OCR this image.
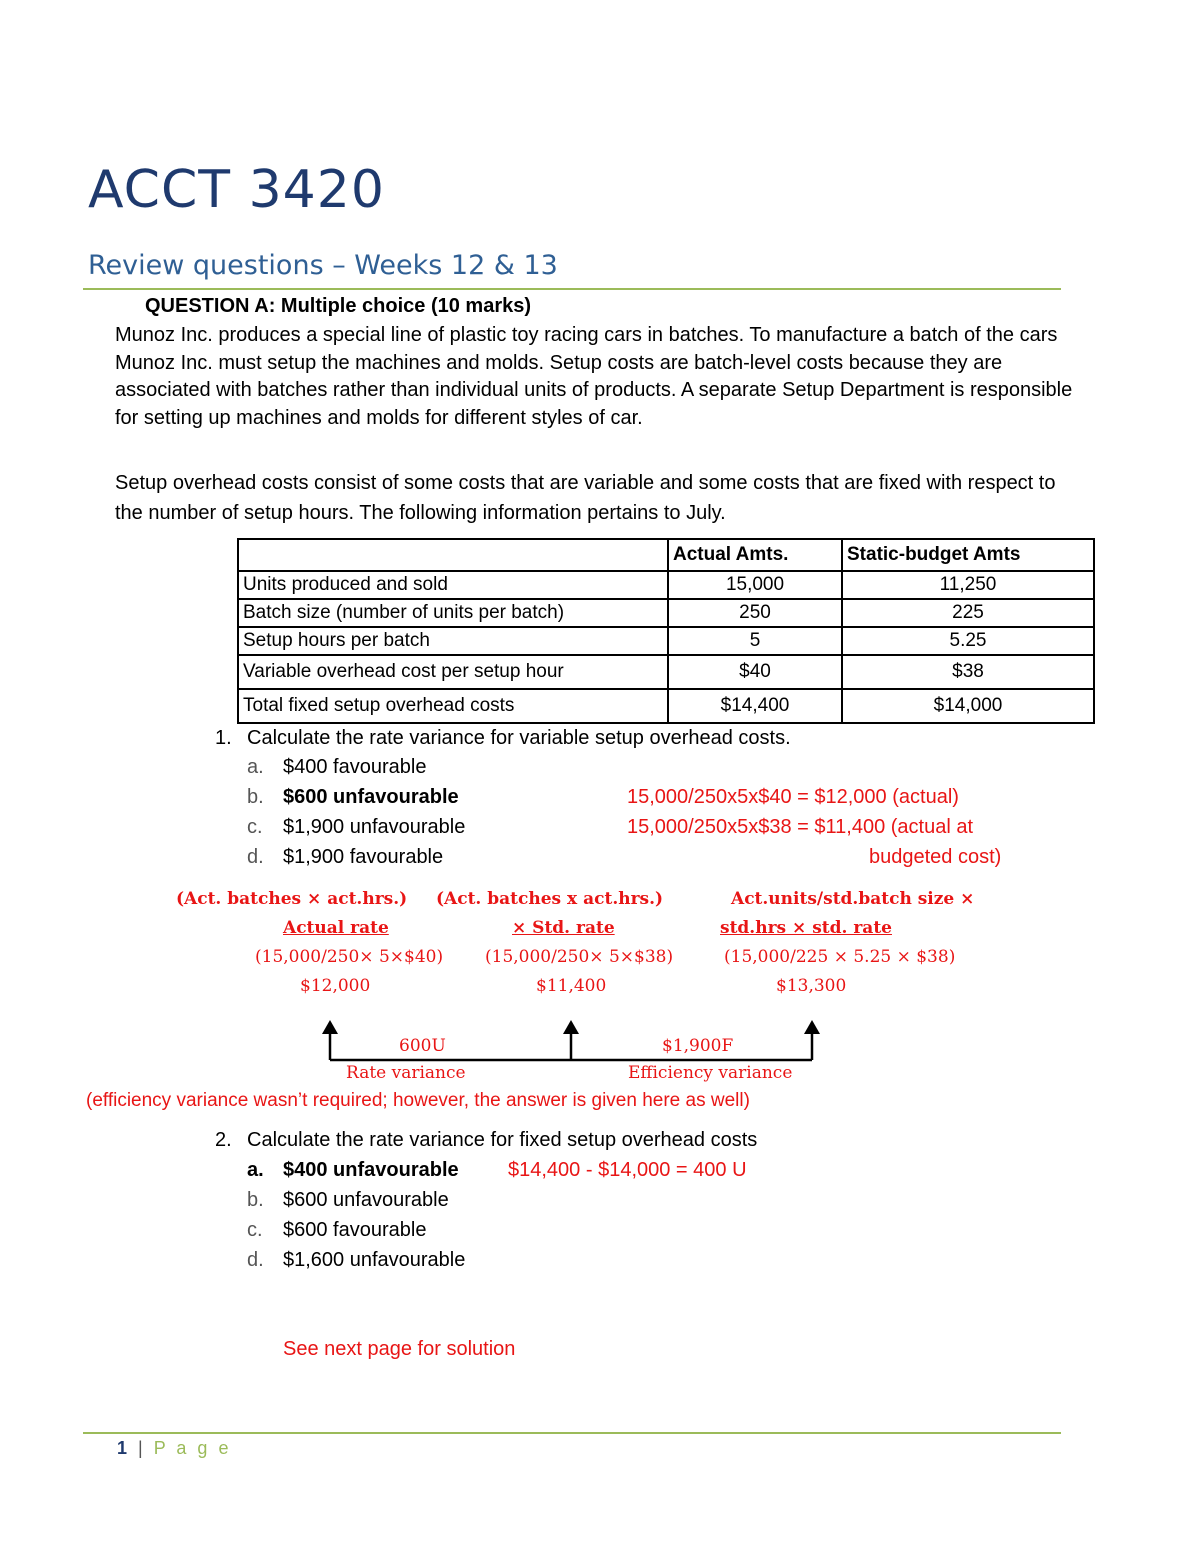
ACCT 3420
Review questions – Weeks 12 & 13
QUESTION A: Multiple choice (10 marks)
Munoz Inc. produces a special line of plastic toy racing cars in batches. To manufacture a batch of the cars Munoz Inc. must setup the machines and molds. Setup costs are batch-level costs because they are associated with batches rather than individual units of products. A separate Setup Department is responsible for setting up machines and molds for different styles of car.
Setup overhead costs consist of some costs that are variable and some costs that are fixed with respect to the number of setup hours. The following information pertains to July.
	Actual Amts.	Static-budget Amts
Units produced and sold	15,000	11,250
Batch size (number of units per batch)	250	225
Setup hours per batch	5	5.25
Variable overhead cost per setup hour	$40	$38
Total fixed setup overhead costs	$14,400	$14,000
1. Calculate the rate variance for variable setup overhead costs.
a. $400 favourable
b. $600 unfavourable
c. $1,900 unfavourable
d. $1,900 favourable
15,000/250x5x$40 = $12,000 (actual)
15,000/250x5x$38 = $11,400 (actual at
budgeted cost)
(Act. batches × act.hrs.)
Actual rate
(15,000/250× 5×$40)
$12,000
(Act. batches x act.hrs.)
× Std. rate
(15,000/250× 5×$38)
$11,400
Act.units/std.batch size ×
std.hrs × std. rate
(15,000/225 × 5.25 × $38)
$13,300
600U
Rate variance
$1,900F
Efficiency variance
(efficiency variance wasn’t required; however, the answer is given here as well)
2. Calculate the rate variance for fixed setup overhead costs
a. $400 unfavourable $14,400 - $14,000 = 400 U
b. $600 unfavourable
c. $600 favourable
d. $1,600 unfavourable
See next page for solution
1 | P a g e
